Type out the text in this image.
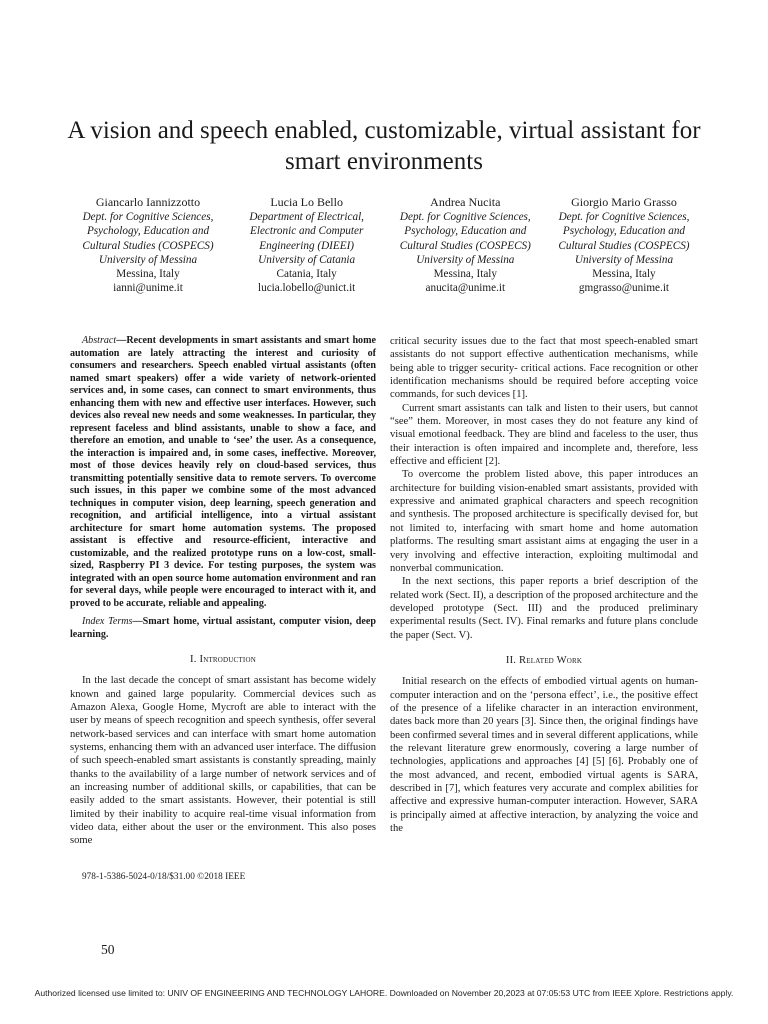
A vision and speech enabled, customizable, virtual assistant for smart environments
Giancarlo Iannizzotto
Dept. for Cognitive Sciences, Psychology, Education and Cultural Studies (COSPECS)
University of Messina
Messina, Italy
ianni@unime.it
Lucia Lo Bello
Department of Electrical, Electronic and Computer Engineering (DIEEI)
University of Catania
Catania, Italy
lucia.lobello@unict.it
Andrea Nucita
Dept. for Cognitive Sciences, Psychology, Education and Cultural Studies (COSPECS)
University of Messina
Messina, Italy
anucita@unime.it
Giorgio Mario Grasso
Dept. for Cognitive Sciences, Psychology, Education and Cultural Studies (COSPECS)
University of Messina
Messina, Italy
gmgrasso@unime.it

Abstract—Recent developments in smart assistants and smart home automation are lately attracting the interest and curiosity of consumers and researchers. Speech enabled virtual assistants (often named smart speakers) offer a wide variety of network-oriented services and, in some cases, can connect to smart environments, thus enhancing them with new and effective user interfaces. However, such devices also reveal new needs and some weaknesses. In particular, they represent faceless and blind assistants, unable to show a face, and therefore an emotion, and unable to ‘see’ the user. As a consequence, the interaction is impaired and, in some cases, ineffective. Moreover, most of those devices heavily rely on cloud-based services, thus transmitting potentially sensitive data to remote servers. To overcome such issues, in this paper we combine some of the most advanced techniques in computer vision, deep learning, speech generation and recognition, and artificial intelligence, into a virtual assistant architecture for smart home automation systems. The proposed assistant is effective and resource-efficient, interactive and customizable, and the realized prototype runs on a low-cost, small-sized, Raspberry PI 3 device. For testing purposes, the system was integrated with an open source home automation environment and ran for several days, while people were encouraged to interact with it, and proved to be accurate, reliable and appealing.

Index Terms—Smart home, virtual assistant, computer vision, deep learning.

I. Introduction

In the last decade the concept of smart assistant has become widely known and gained large popularity. Commercial devices such as Amazon Alexa, Google Home, Mycroft are able to interact with the user by means of speech recognition and speech synthesis, offer several network-based services and can interface with smart home automation systems, enhancing them with an advanced user interface. The diffusion of such speech-enabled smart assistants is constantly spreading, mainly thanks to the availability of a large number of network services and of an increasing number of additional skills, or capabilities, that can be easily added to the smart assistants. However, their potential is still limited by their inability to acquire real-time visual information from video data, either about the user or the environment. This also poses some

critical security issues due to the fact that most speech-enabled smart assistants do not support effective authentication mechanisms, while being able to trigger security- critical actions. Face recognition or other identification mechanisms should be required before accepting voice commands, for such devices [1].

Current smart assistants can talk and listen to their users, but cannot “see” them. Moreover, in most cases they do not feature any kind of visual emotional feedback. They are blind and faceless to the user, thus their interaction is often impaired and incomplete and, therefore, less effective and efficient [2].

To overcome the problem listed above, this paper introduces an architecture for building vision-enabled smart assistants, provided with expressive and animated graphical characters and speech recognition and synthesis. The proposed architecture is specifically devised for, but not limited to, interfacing with smart home and home automation platforms. The resulting smart assistant aims at engaging the user in a very involving and effective interaction, exploiting multimodal and nonverbal communication.

In the next sections, this paper reports a brief description of the related work (Sect. II), a description of the proposed architecture and the developed prototype (Sect. III) and the produced preliminary experimental results (Sect. IV). Final remarks and future plans conclude the paper (Sect. V).

II. Related Work

Initial research on the effects of embodied virtual agents on human-computer interaction and on the ‘persona effect’, i.e., the positive effect of the presence of a lifelike character in an interaction environment, dates back more than 20 years [3]. Since then, the original findings have been confirmed several times and in several different applications, while the relevant literature grew enormously, covering a large number of technologies, applications and approaches [4] [5] [6]. Probably one of the most advanced, and recent, embodied virtual agents is SARA, described in [7], which features very accurate and complex abilities for affective and expressive human-computer interaction. However, SARA is principally aimed at affective interaction, by analyzing the voice and the

978-1-5386-5024-0/18/$31.00 ©2018 IEEE
50
Authorized licensed use limited to: UNIV OF ENGINEERING AND TECHNOLOGY LAHORE. Downloaded on November 20,2023 at 07:05:53 UTC from IEEE Xplore. Restrictions apply.
